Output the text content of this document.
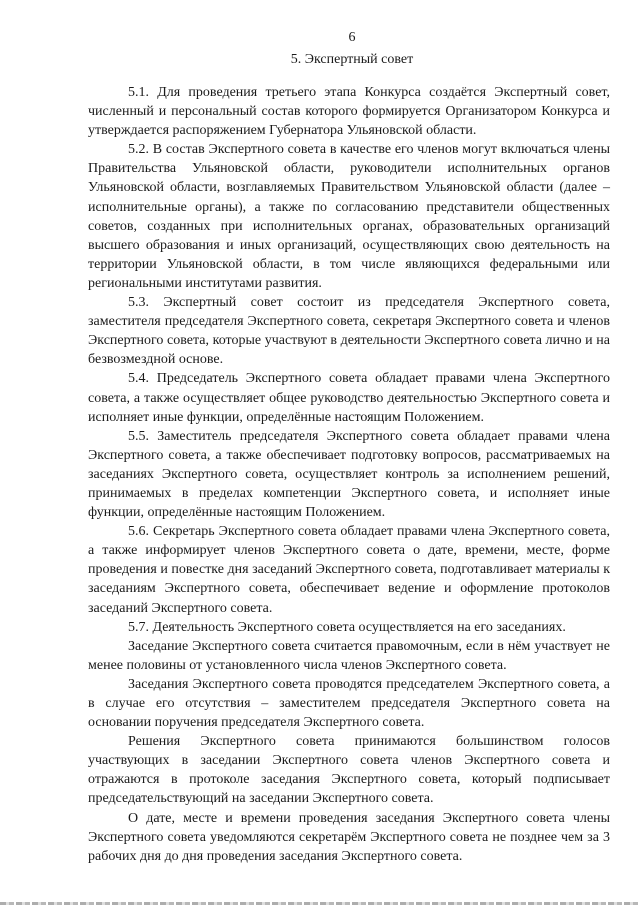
6
5. Экспертный совет

5.1. Для проведения третьего этапа Конкурса создаётся Экспертный совет, численный и персональный состав которого формируется Организатором Конкурса и утверждается распоряжением Губернатора Ульяновской области.

5.2. В состав Экспертного совета в качестве его членов могут включаться члены Правительства Ульяновской области, руководители исполнительных органов Ульяновской области, возглавляемых Правительством Ульяновской области (далее – исполнительные органы), а также по согласованию представители общественных советов, созданных при исполнительных органах, образовательных организаций высшего образования и иных организаций, осуществляющих свою деятельность на территории Ульяновской области, в том числе являющихся федеральными или региональными институтами развития.

5.3. Экспертный совет состоит из председателя Экспертного совета, заместителя председателя Экспертного совета, секретаря Экспертного совета и членов Экспертного совета, которые участвуют в деятельности Экспертного совета лично и на безвозмездной основе.

5.4. Председатель Экспертного совета обладает правами члена Экспертного совета, а также осуществляет общее руководство деятельностью Экспертного совета и исполняет иные функции, определённые настоящим Положением.

5.5. Заместитель председателя Экспертного совета обладает правами члена Экспертного совета, а также обеспечивает подготовку вопросов, рассматриваемых на заседаниях Экспертного совета, осуществляет контроль за исполнением решений, принимаемых в пределах компетенции Экспертного совета, и исполняет иные функции, определённые настоящим Положением.

5.6. Секретарь Экспертного совета обладает правами члена Экспертного совета, а также информирует членов Экспертного совета о дате, времени, месте, форме проведения и повестке дня заседаний Экспертного совета, подготавливает материалы к заседаниям Экспертного совета, обеспечивает ведение и оформление протоколов заседаний Экспертного совета.

5.7. Деятельность Экспертного совета осуществляется на его заседаниях.

Заседание Экспертного совета считается правомочным, если в нём участвует не менее половины от установленного числа членов Экспертного совета.

Заседания Экспертного совета проводятся председателем Экспертного совета, а в случае его отсутствия – заместителем председателя Экспертного совета на основании поручения председателя Экспертного совета.

Решения Экспертного совета принимаются большинством голосов участвующих в заседании Экспертного совета членов Экспертного совета и отражаются в протоколе заседания Экспертного совета, который подписывает председательствующий на заседании Экспертного совета.

О дате, месте и времени проведения заседания Экспертного совета члены Экспертного совета уведомляются секретарём Экспертного совета не позднее чем за 3 рабочих дня до дня проведения заседания Экспертного совета.
